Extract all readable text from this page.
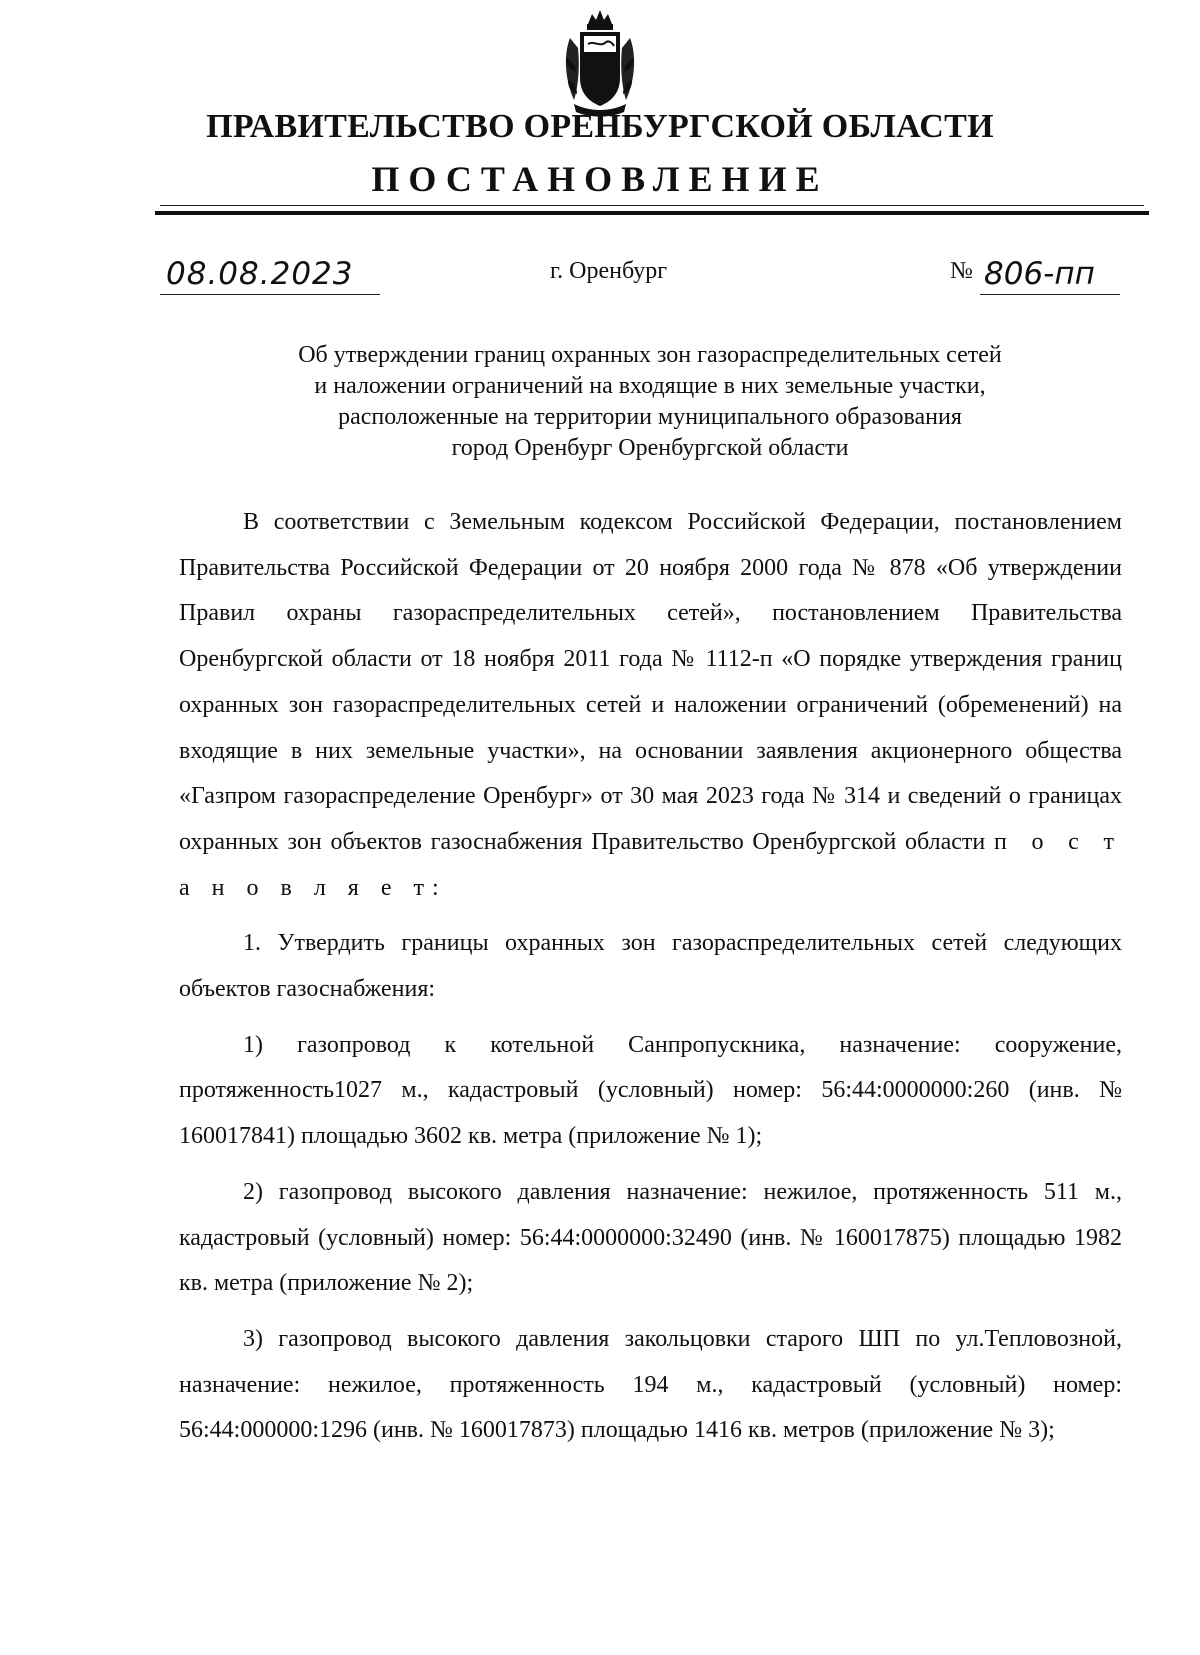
ПРАВИТЕЛЬСТВО ОРЕНБУРГСКОЙ ОБЛАСТИ
ПОСТАНОВЛЕНИЕ
08.08.2023	г. Оренбург	№ 806-пп
Об утверждении границ охранных зон газораспределительных сетей
и наложении ограничений на входящие в них земельные участки,
расположенные на территории муниципального образования
город Оренбург Оренбургской области

В соответствии с Земельным кодексом Российской Федерации, постановлением Правительства Российской Федерации от 20 ноября 2000 года № 878 «Об утверждении Правил охраны газораспределительных сетей», постановлением Правительства Оренбургской области от 18 ноября 2011 года № 1112-п «О порядке утверждения границ охранных зон газораспределительных сетей и наложении ограничений (обременений) на входящие в них земельные участки», на основании заявления акционерного общества «Газпром газораспределение Оренбург» от 30 мая 2023 года № 314 и сведений о границах охранных зон объектов газоснабжения Правительство Оренбургской области п о с т а н о в л я е т:

1. Утвердить границы охранных зон газораспределительных сетей следующих объектов газоснабжения:

1) газопровод к котельной Санпропускника, назначение: сооружение, протяженность1027 м., кадастровый (условный) номер: 56:44:0000000:260 (инв. № 160017841) площадью 3602 кв. метра (приложение № 1);

2) газопровод высокого давления назначение: нежилое, протяженность 511 м., кадастровый (условный) номер: 56:44:0000000:32490 (инв. № 160017875) площадью 1982 кв. метра (приложение № 2);

3) газопровод высокого давления закольцовки старого ШП по ул.Тепловозной, назначение: нежилое, протяженность 194 м., кадастровый (условный) номер: 56:44:000000:1296 (инв. № 160017873) площадью 1416 кв. метров (приложение № 3);
